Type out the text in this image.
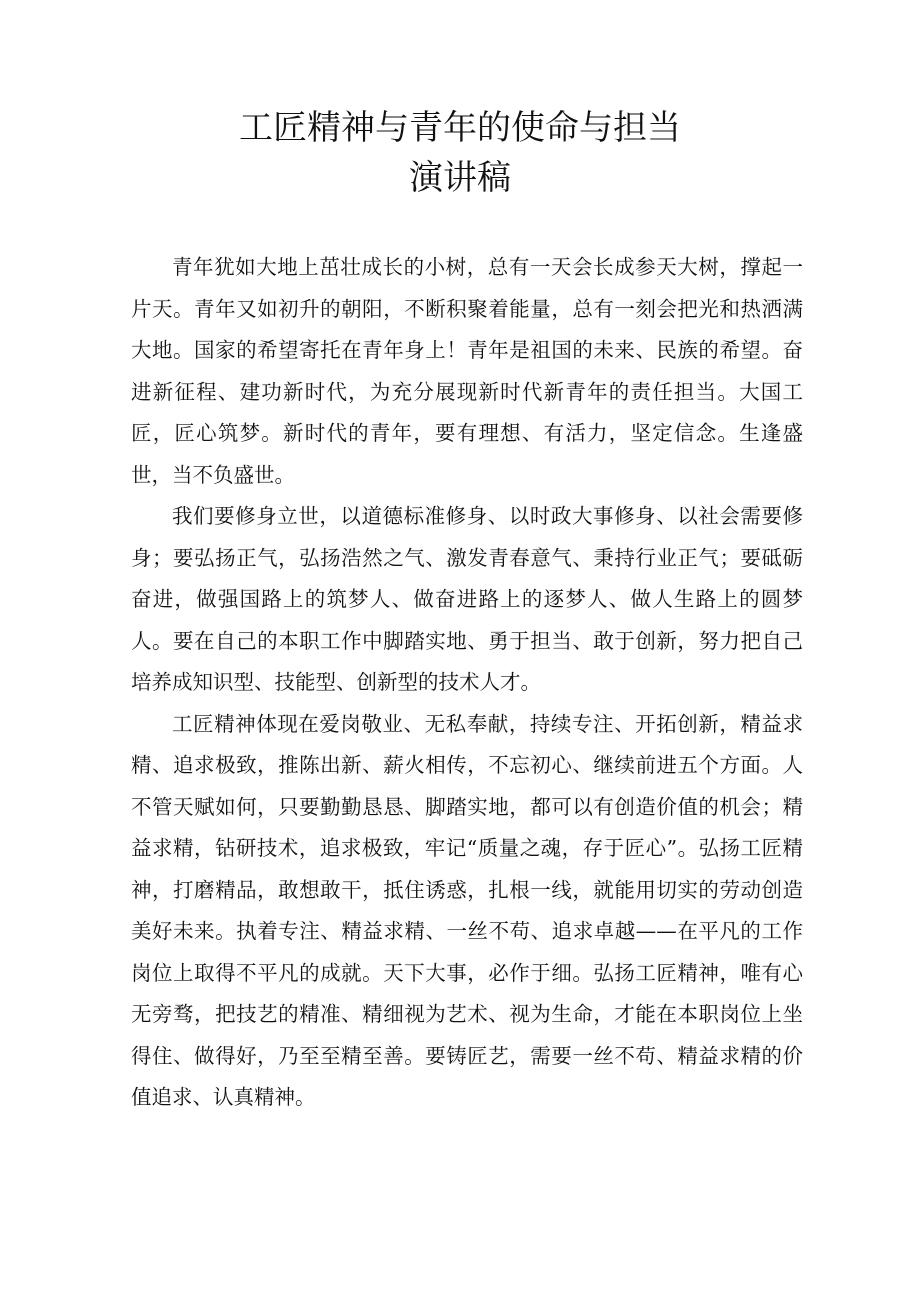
工匠精神与青年的使命与担当
演讲稿

青年犹如大地上茁壮成长的小树，总有一天会长成参天大树，撑起一片天。青年又如初升的朝阳，不断积聚着能量，总有一刻会把光和热洒满大地。国家的希望寄托在青年身上！青年是祖国的未来、民族的希望。奋进新征程、建功新时代，为充分展现新时代新青年的责任担当。大国工匠，匠心筑梦。新时代的青年，要有理想、有活力，坚定信念。生逢盛世，当不负盛世。

我们要修身立世，以道德标准修身、以时政大事修身、以社会需要修身；要弘扬正气，弘扬浩然之气、激发青春意气、秉持行业正气；要砥砺奋进，做强国路上的筑梦人、做奋进路上的逐梦人、做人生路上的圆梦人。要在自己的本职工作中脚踏实地、勇于担当、敢于创新，努力把自己培养成知识型、技能型、创新型的技术人才。

工匠精神体现在爱岗敬业、无私奉献，持续专注、开拓创新，精益求精、追求极致，推陈出新、薪火相传，不忘初心、继续前进五个方面。人不管天赋如何，只要勤勤恳恳、脚踏实地，都可以有创造价值的机会；精益求精，钻研技术，追求极致，牢记“质量之魂，存于匠心”。弘扬工匠精神，打磨精品，敢想敢干，抵住诱惑，扎根一线，就能用切实的劳动创造美好未来。执着专注、精益求精、一丝不苟、追求卓越——在平凡的工作岗位上取得不平凡的成就。天下大事，必作于细。弘扬工匠精神，唯有心无旁骛，把技艺的精准、精细视为艺术、视为生命，才能在本职岗位上坐得住、做得好，乃至至精至善。要铸匠艺，需要一丝不苟、精益求精的价值追求、认真精神。
